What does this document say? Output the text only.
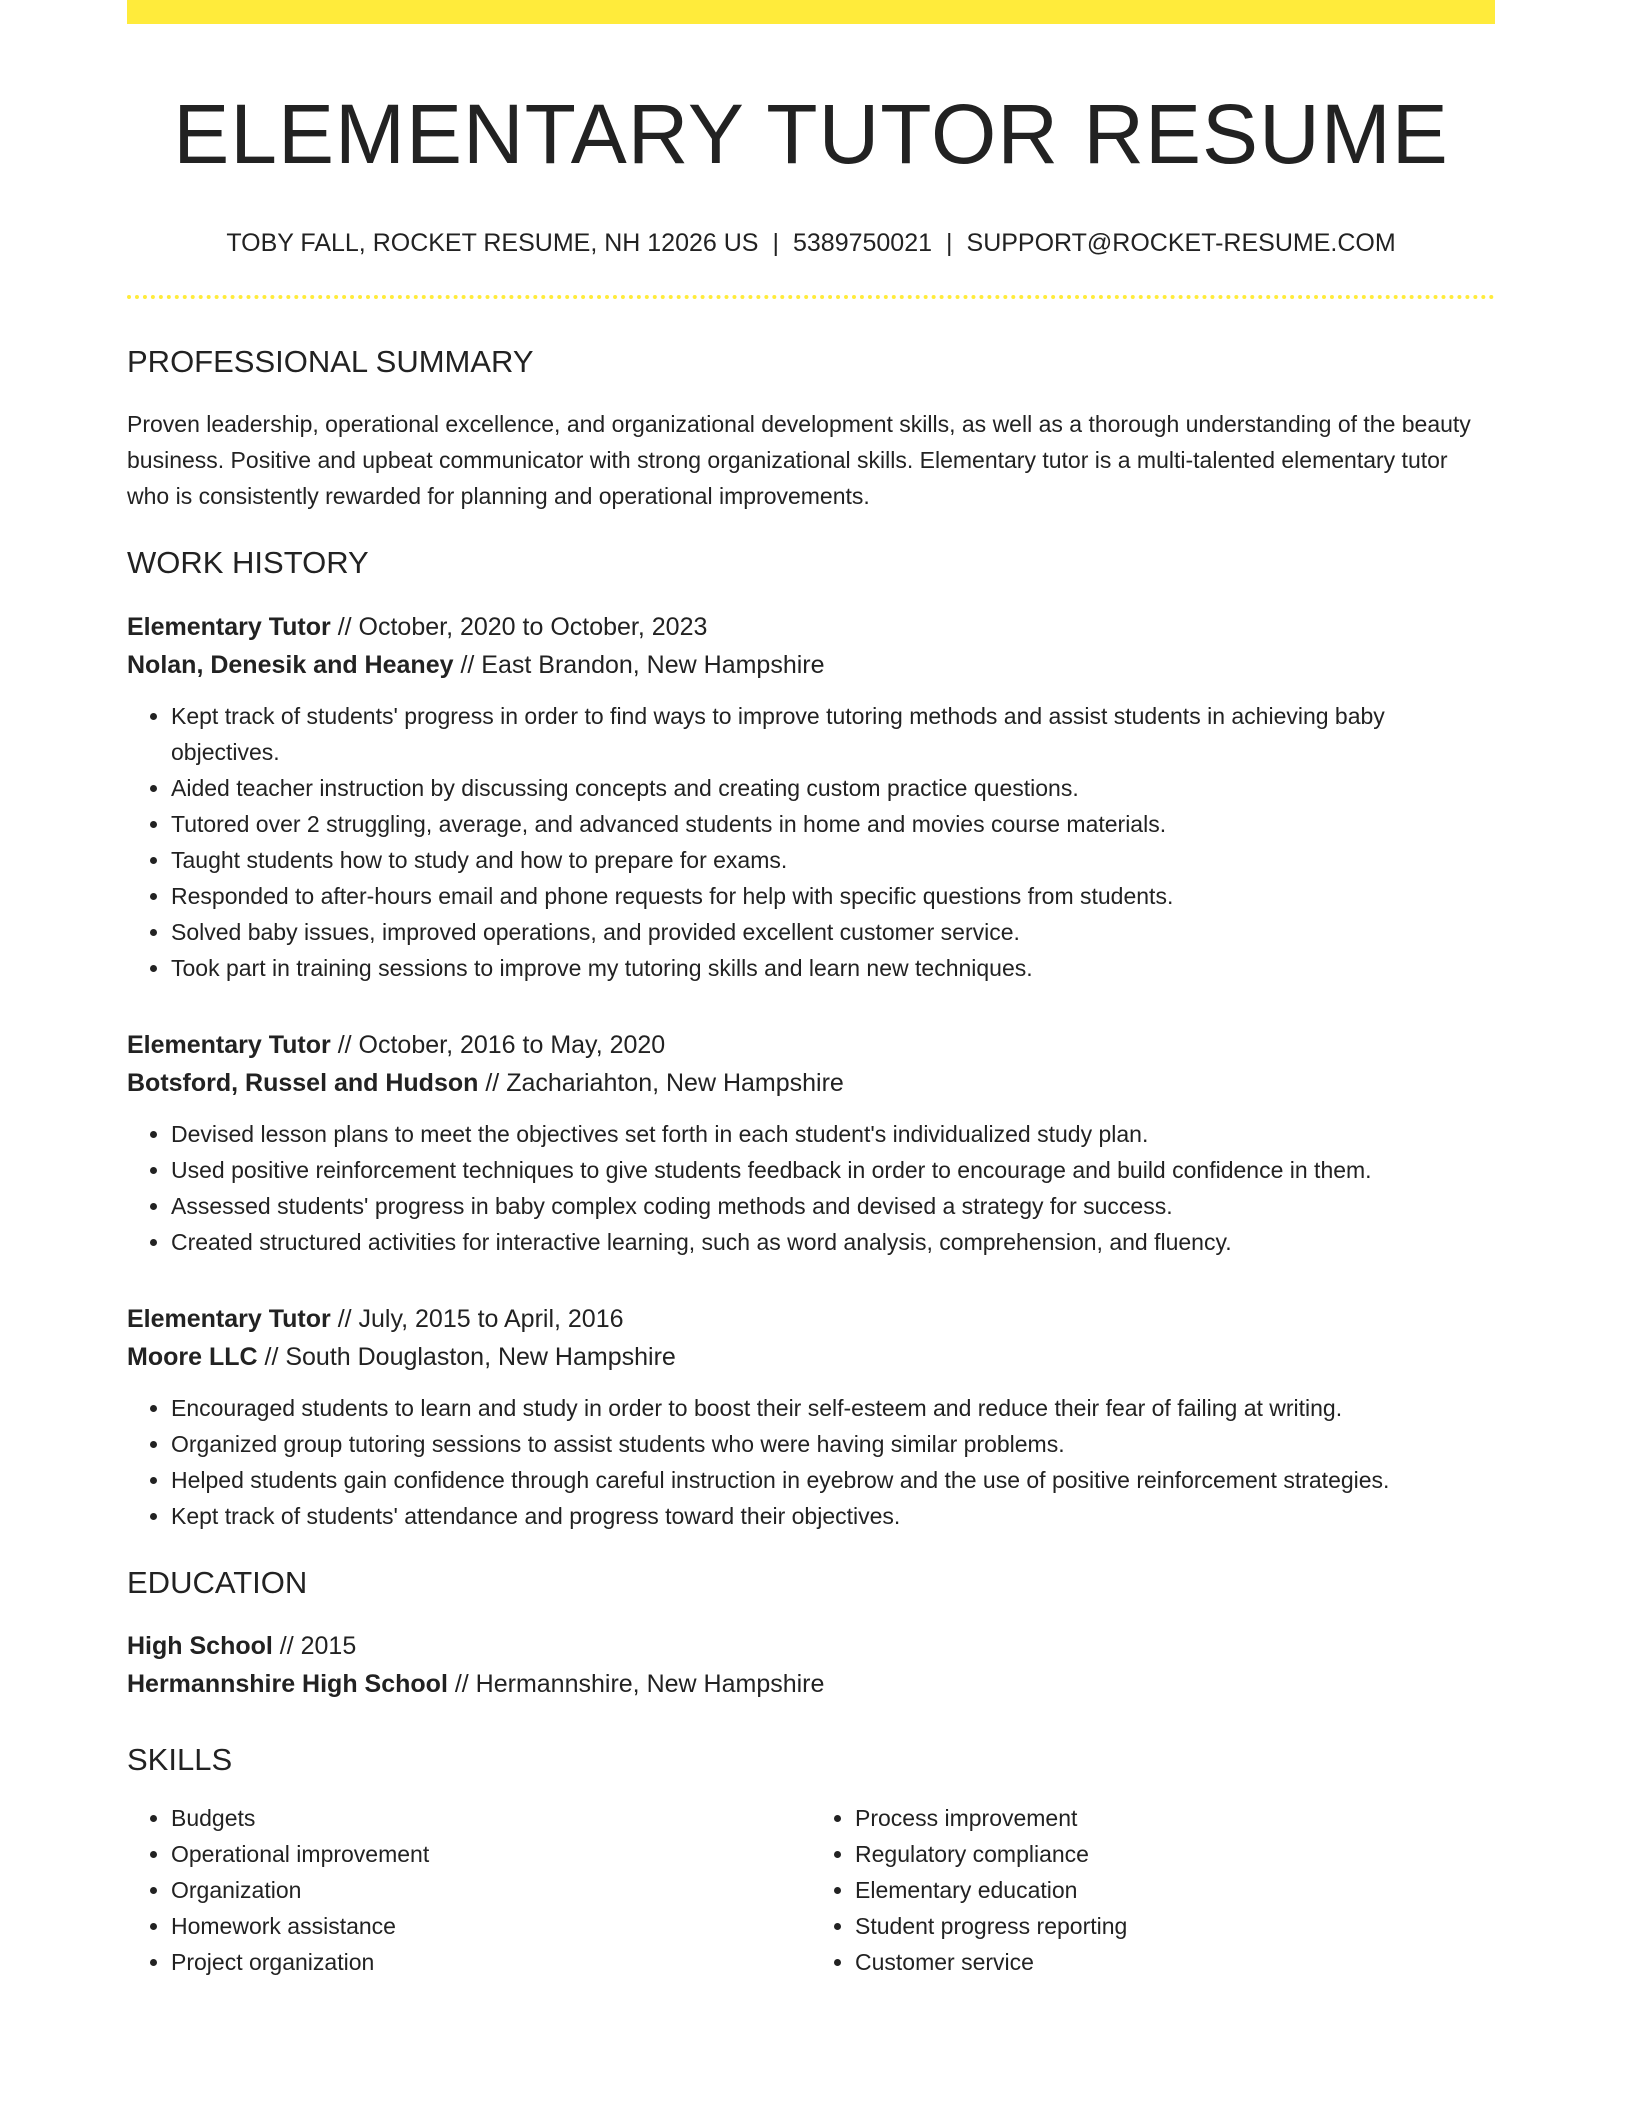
ELEMENTARY TUTOR RESUME
TOBY FALL, ROCKET RESUME, NH 12026 US | 5389750021 | SUPPORT@ROCKET-RESUME.COM
PROFESSIONAL SUMMARY

Proven leadership, operational excellence, and organizational development skills, as well as a thorough understanding of the beauty business. Positive and upbeat communicator with strong organizational skills. Elementary tutor is a multi-talented elementary tutor who is consistently rewarded for planning and operational improvements.

WORK HISTORY
Elementary Tutor // October, 2020 to October, 2023
Nolan, Denesik and Heaney // East Brandon, New Hampshire
• Kept track of students' progress in order to find ways to improve tutoring methods and assist students in achieving baby objectives.
• Aided teacher instruction by discussing concepts and creating custom practice questions.
• Tutored over 2 struggling, average, and advanced students in home and movies course materials.
• Taught students how to study and how to prepare for exams.
• Responded to after-hours email and phone requests for help with specific questions from students.
• Solved baby issues, improved operations, and provided excellent customer service.
• Took part in training sessions to improve my tutoring skills and learn new techniques.
Elementary Tutor // October, 2016 to May, 2020
Botsford, Russel and Hudson // Zachariahton, New Hampshire
• Devised lesson plans to meet the objectives set forth in each student's individualized study plan.
• Used positive reinforcement techniques to give students feedback in order to encourage and build confidence in them.
• Assessed students' progress in baby complex coding methods and devised a strategy for success.
• Created structured activities for interactive learning, such as word analysis, comprehension, and fluency.
Elementary Tutor // July, 2015 to April, 2016
Moore LLC // South Douglaston, New Hampshire
• Encouraged students to learn and study in order to boost their self-esteem and reduce their fear of failing at writing.
• Organized group tutoring sessions to assist students who were having similar problems.
• Helped students gain confidence through careful instruction in eyebrow and the use of positive reinforcement strategies.
• Kept track of students' attendance and progress toward their objectives.
EDUCATION
High School // 2015
Hermannshire High School // Hermannshire, New Hampshire
SKILLS
• Budgets
• Operational improvement
• Organization
• Homework assistance
• Project organization
• Process improvement
• Regulatory compliance
• Elementary education
• Student progress reporting
• Customer service
